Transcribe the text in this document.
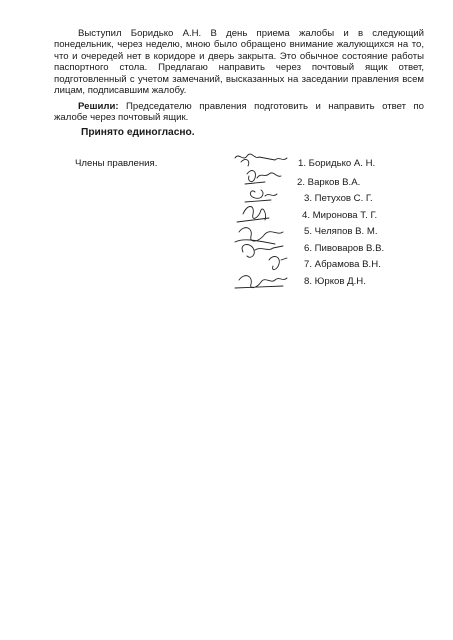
Выступил Боридько А.Н. В день приема жалобы и в следующий понедельник, через неделю, мною было обращено внимание жалующихся на то, что и очередей нет в коридоре и дверь закрыта. Это обычное состояние работы паспортного стола. Предлагаю направить через почтовый ящик ответ, подготовленный с учетом замечаний, высказанных на заседании правления всем лицам, подписавшим жалобу.
Решили: Председателю правления подготовить и направить ответ по жалобе через почтовый ящик.
Принято единогласно.
Члены правления.	1. Боридько А. Н.
2. Варков В.А.
3. Петухов С. Г.
4. Миронова Т. Г.
5. Челяпов В. М.
6. Пивоваров В.В.
7. Абрамова В.Н.
8. Юрков Д.Н.
